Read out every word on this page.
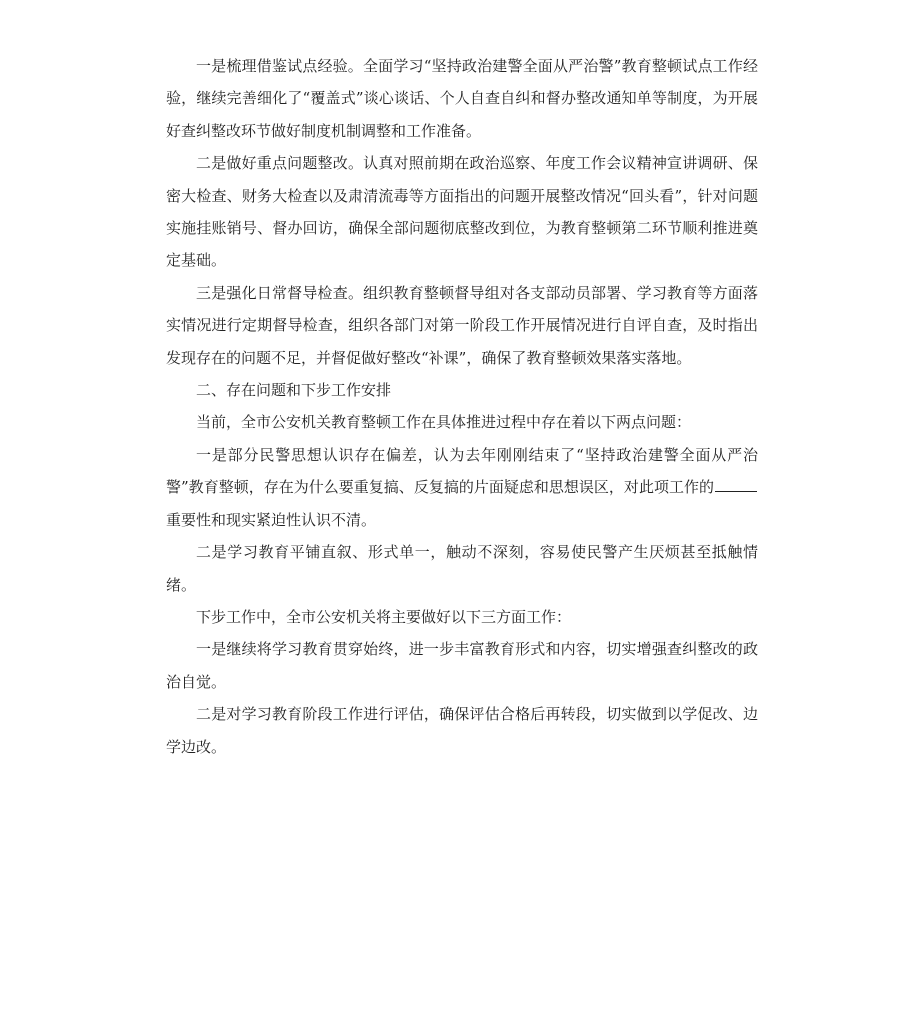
一是梳理借鉴试点经验。全面学习“坚持政治建警全面从严治警”教育整顿试点工作经验，继续完善细化了“覆盖式”谈心谈话、个人自查自纠和督办整改通知单等制度，为开展好查纠整改环节做好制度机制调整和工作准备。

二是做好重点问题整改。认真对照前期在政治巡察、年度工作会议精神宣讲调研、保密大检查、财务大检查以及肃清流毒等方面指出的问题开展整改情况“回头看”，针对问题实施挂账销号、督办回访，确保全部问题彻底整改到位，为教育整顿第二环节顺利推进奠定基础。

三是强化日常督导检查。组织教育整顿督导组对各支部动员部署、学习教育等方面落实情况进行定期督导检查，组织各部门对第一阶段工作开展情况进行自评自查，及时指出发现存在的问题不足，并督促做好整改“补课”，确保了教育整顿效果落实落地。

二、存在问题和下步工作安排

当前，全市公安机关教育整顿工作在具体推进过程中存在着以下两点问题：

一是部分民警思想认识存在偏差，认为去年刚刚结束了“坚持政治建警全面从严治警”教育整顿，存在为什么要重复搞、反复搞的片面疑虑和思想误区，对此项工作的重要性和现实紧迫性认识不清。

二是学习教育平铺直叙、形式单一，触动不深刻，容易使民警产生厌烦甚至抵触情绪。

下步工作中，全市公安机关将主要做好以下三方面工作：

一是继续将学习教育贯穿始终，进一步丰富教育形式和内容，切实增强查纠整改的政治自觉。

二是对学习教育阶段工作进行评估，确保评估合格后再转段，切实做到以学促改、边学边改。
